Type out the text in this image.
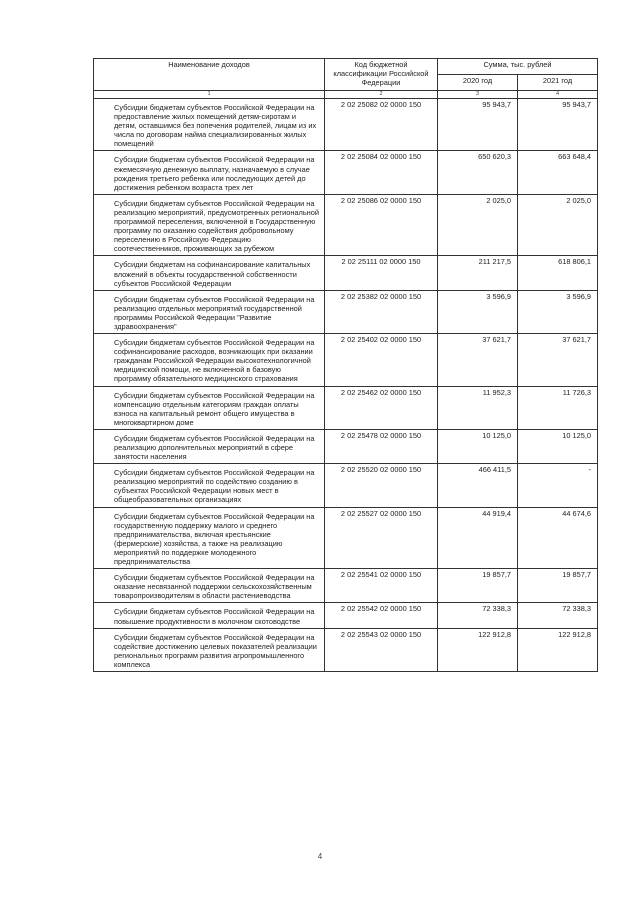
Наименование доходов	Код бюджетной классификации Российской Федерации	Сумма, тыс. рублей	
		2020 год	2021 год
1	2	3	4
Субсидии бюджетам субъектов Российской Федерации на предоставление жилых помещений детям-сиротам и детям, оставшимся без попечения родителей, лицам из их числа по договорам найма специализированных жилых помещений	2 02 25082 02 0000 150	95 943,7	95 943,7
Субсидии бюджетам субъектов Российской Федерации на ежемесячную денежную выплату, назначаемую в случае рождения третьего ребенка или последующих детей до достижения ребенком возраста трех лет	2 02 25084 02 0000 150	650 620,3	663 648,4
Субсидии бюджетам субъектов Российской Федерации на реализацию мероприятий, предусмотренных региональной программой переселения, включенной в Государственную программу по оказанию содействия добровольному переселению в Российскую Федерацию соотечественников, проживающих за рубежом	2 02 25086 02 0000 150	2 025,0	2 025,0
Субсидии бюджетам на софинансирование капитальных вложений в объекты государственной собственности субъектов Российской Федерации	2 02 25111 02 0000 150	211 217,5	618 806,1
Субсидии бюджетам субъектов Российской Федерации на реализацию отдельных мероприятий государственной программы Российской Федерации "Развитие здравоохранения"	2 02 25382 02 0000 150	3 596,9	3 596,9
Субсидии бюджетам субъектов Российской Федерации на софинансирование расходов, возникающих при оказании гражданам Российской Федерации высокотехнологичной медицинской помощи, не включенной в базовую программу обязательного медицинского страхования	2 02 25402 02 0000 150	37 621,7	37 621,7
Субсидии бюджетам субъектов Российской Федерации на компенсацию отдельным категориям граждан оплаты взноса на капитальный ремонт общего имущества в многоквартирном доме	2 02 25462 02 0000 150	11 952,3	11 726,3
Субсидии бюджетам субъектов Российской Федерации на реализацию дополнительных мероприятий в сфере занятости населения	2 02 25478 02 0000 150	10 125,0	10 125,0
Субсидии бюджетам субъектов Российской Федерации на реализацию мероприятий по содействию созданию в субъектах Российской Федерации новых мест в общеобразовательных организациях	2 02 25520 02 0000 150	466 411,5	-
Субсидии бюджетам субъектов Российской Федерации на государственную поддержку малого и среднего предпринимательства, включая крестьянские (фермерские) хозяйства, а также на реализацию мероприятий по поддержке молодежного предпринимательства	2 02 25527 02 0000 150	44 919,4	44 674,6
Субсидии бюджетам субъектов Российской Федерации на оказание несвязанной поддержки сельскохозяйственным товаропроизводителям в области растениеводства	2 02 25541 02 0000 150	19 857,7	19 857,7
Субсидии бюджетам субъектов Российской Федерации на повышение продуктивности в молочном скотоводстве	2 02 25542 02 0000 150	72 338,3	72 338,3
Субсидии бюджетам субъектов Российской Федерации на содействие достижению целевых показателей реализации региональных программ развития агропромышленного комплекса	2 02 25543 02 0000 150	122 912,8	122 912,8
4
